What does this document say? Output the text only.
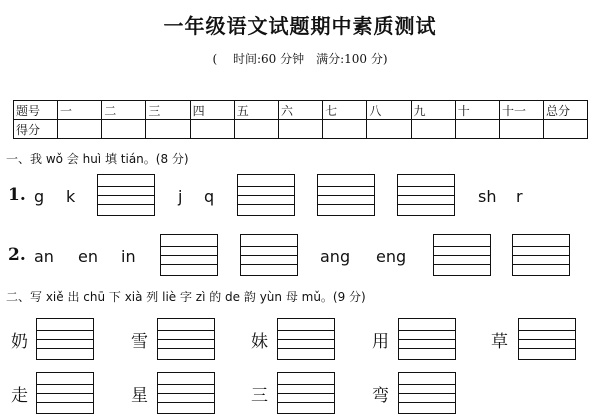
一年级语文试题期中素质测试
(　 时间:60 分钟　满分:100 分)
题号	一	二	三	四	五	六	七	八	九	十	十一	总分
得分												
一、我 wǒ 会 huì 填 tián。(8 分)
1. g k	j q	sh r
2. an en in	ang eng
二、写 xiě 出 chū 下 xià 列 liè 字 zì 的 de 韵 yùn 母 mǔ。(9 分)
奶	雪	妹	用	草
走	星	三	弯
